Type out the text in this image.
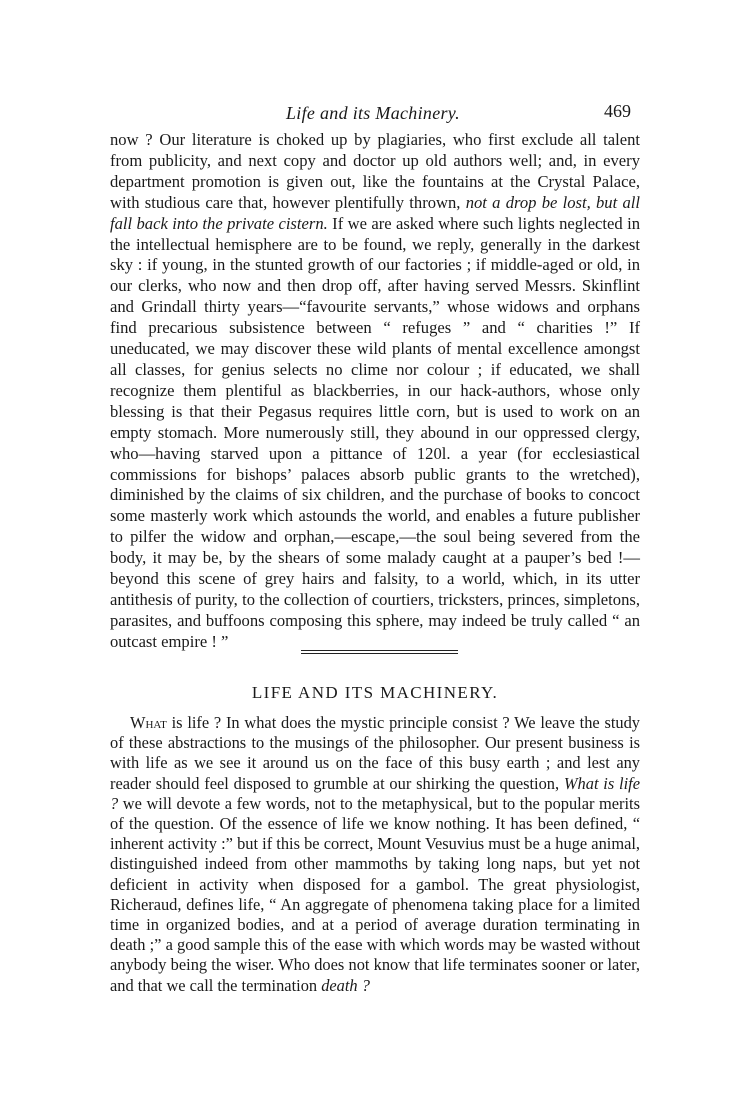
Life and its Machinery.	469

now ? Our literature is choked up by plagiaries, who first exclude all talent from publicity, and next copy and doctor up old authors well; and, in every department promotion is given out, like the fountains at the Crystal Palace, with studious care that, however plentifully thrown, not a drop be lost, but all fall back into the private cistern. If we are asked where such lights neglected in the intellectual hemisphere are to be found, we reply, generally in the darkest sky : if young, in the stunted growth of our factories ; if middle-aged or old, in our clerks, who now and then drop off, after having served Messrs. Skinflint and Grindall thirty years—“favourite servants,” whose widows and orphans find precarious subsistence between “ refuges ” and “ charities !” If uneducated, we may discover these wild plants of mental excellence amongst all classes, for genius selects no clime nor colour ; if educated, we shall recognize them plentiful as blackberries, in our hack-authors, whose only blessing is that their Pegasus requires little corn, but is used to work on an empty stomach. More numerously still, they abound in our oppressed clergy, who—having starved upon a pittance of 120l. a year (for ecclesiastical commissions for bishops’ palaces absorb public grants to the wretched), diminished by the claims of six children, and the purchase of books to concoct some masterly work which astounds the world, and enables a future publisher to pilfer the widow and orphan,—escape,—the soul being severed from the body, it may be, by the shears of some malady caught at a pauper’s bed !—beyond this scene of grey hairs and falsity, to a world, which, in its utter antithesis of purity, to the collection of courtiers, tricksters, princes, simpletons, parasites, and buffoons composing this sphere, may indeed be truly called “ an outcast empire ! ”

LIFE AND ITS MACHINERY.

What is life ? In what does the mystic principle consist ? We leave the study of these abstractions to the musings of the philosopher. Our present business is with life as we see it around us on the face of this busy earth ; and lest any reader should feel disposed to grumble at our shirking the question, What is life ? we will devote a few words, not to the metaphysical, but to the popular merits of the question. Of the essence of life we know nothing. It has been defined, “ inherent activity :” but if this be correct, Mount Vesuvius must be a huge animal, distinguished indeed from other mammoths by taking long naps, but yet not deficient in activity when disposed for a gambol. The great physiologist, Richeraud, defines life, “ An aggregate of phenomena taking place for a limited time in organized bodies, and at a period of average duration terminating in death ;” a good sample this of the ease with which words may be wasted without anybody being the wiser. Who does not know that life terminates sooner or later, and that we call the termination death ?
